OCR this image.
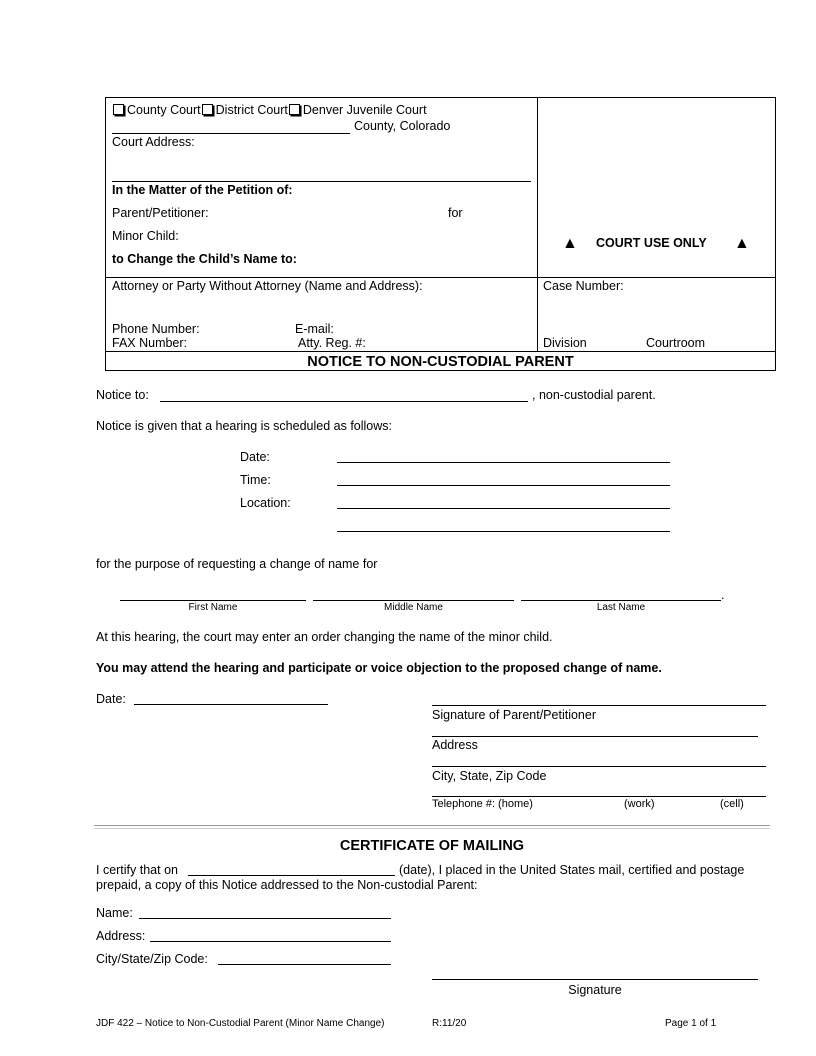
County Court District Court Denver Juvenile Court
County, Colorado
Court Address:
In the Matter of the Petition of:
Parent/Petitioner:	for
Minor Child:
to Change the Child’s Name to:
▲ COURT USE ONLY ▲
Attorney or Party Without Attorney (Name and Address):
Phone Number:	E-mail:
FAX Number:	Atty. Reg. #:
Case Number:
Division	Courtroom
NOTICE TO NON-CUSTODIAL PARENT
Notice to:	, non-custodial parent.
Notice is given that a hearing is scheduled as follows:
Date:
Time:
Location:
for the purpose of requesting a change of name for
.
First Name	Middle Name	Last Name
At this hearing, the court may enter an order changing the name of the minor child.
You may attend the hearing and participate or voice objection to the proposed change of name.
Date:
Signature of Parent/Petitioner
Address
City, State, Zip Code
Telephone #: (home)	(work)	(cell)
CERTIFICATE OF MAILING
I certify that on	(date), I placed in the United States mail, certified and postage
prepaid, a copy of this Notice addressed to the Non-custodial Parent:
Name:
Address:
City/State/Zip Code:
Signature
JDF 422 – Notice to Non-Custodial Parent (Minor Name Change)	R:11/20	Page 1 of 1
